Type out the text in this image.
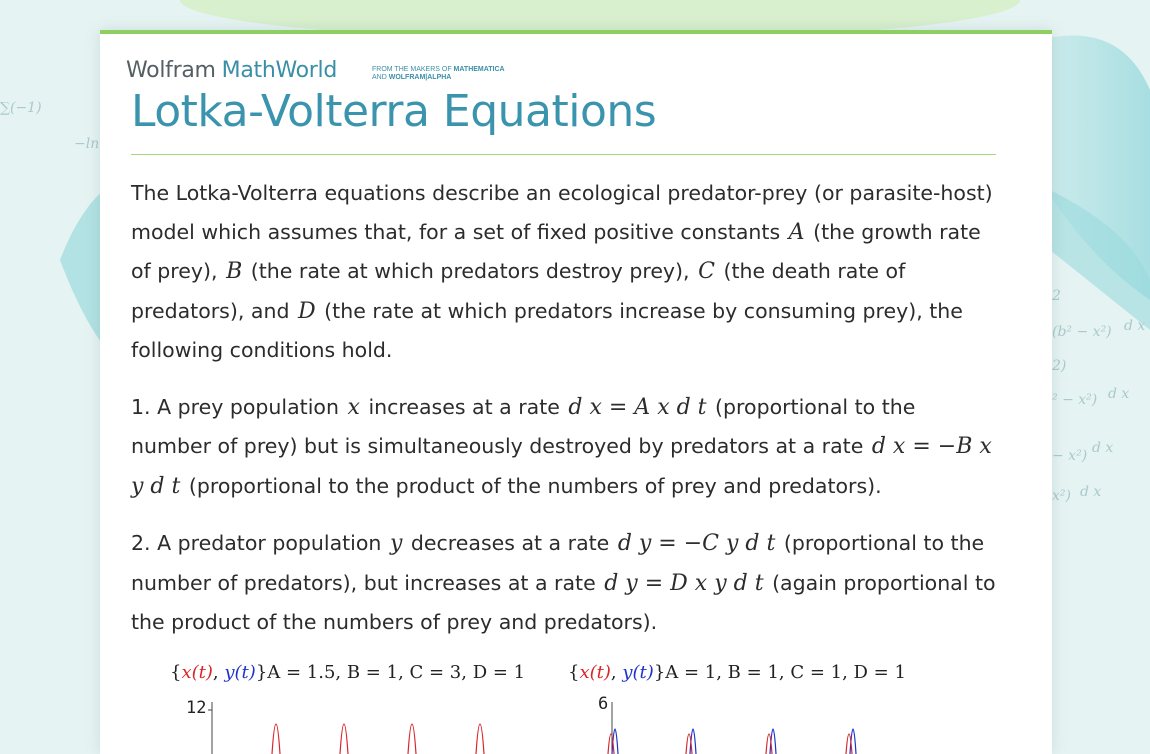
∑(−1)
−ln
2
(b² − x²) d x
2)
² − x²) d x
− x²) d x
x²) d x
Wolfram MathWorld	FROM THE MAKERS OF MATHEMATICA
AND WOLFRAM|ALPHA
Lotka-Volterra Equations

The Lotka-Volterra equations describe an ecological predator-prey (or parasite-host) model which assumes that, for a set of fixed positive constants A (the growth rate of prey), B (the rate at which predators destroy prey), C (the death rate of predators), and D (the rate at which predators increase by consuming prey), the following conditions hold.

1. A prey population x increases at a rate d x = A x d t (proportional to the number of prey) but is simultaneously destroyed by predators at a rate d x = −B x y d t (proportional to the product of the numbers of prey and predators).

2. A predator population y decreases at a rate d y = −C y d t (proportional to the number of predators), but increases at a rate d y = D x y d t (again proportional to the product of the numbers of prey and predators).

{x(t), y(t)}A = 1.5, B = 1, C = 3, D = 1
12
{x(t), y(t)}A = 1, B = 1, C = 1, D = 1
6
